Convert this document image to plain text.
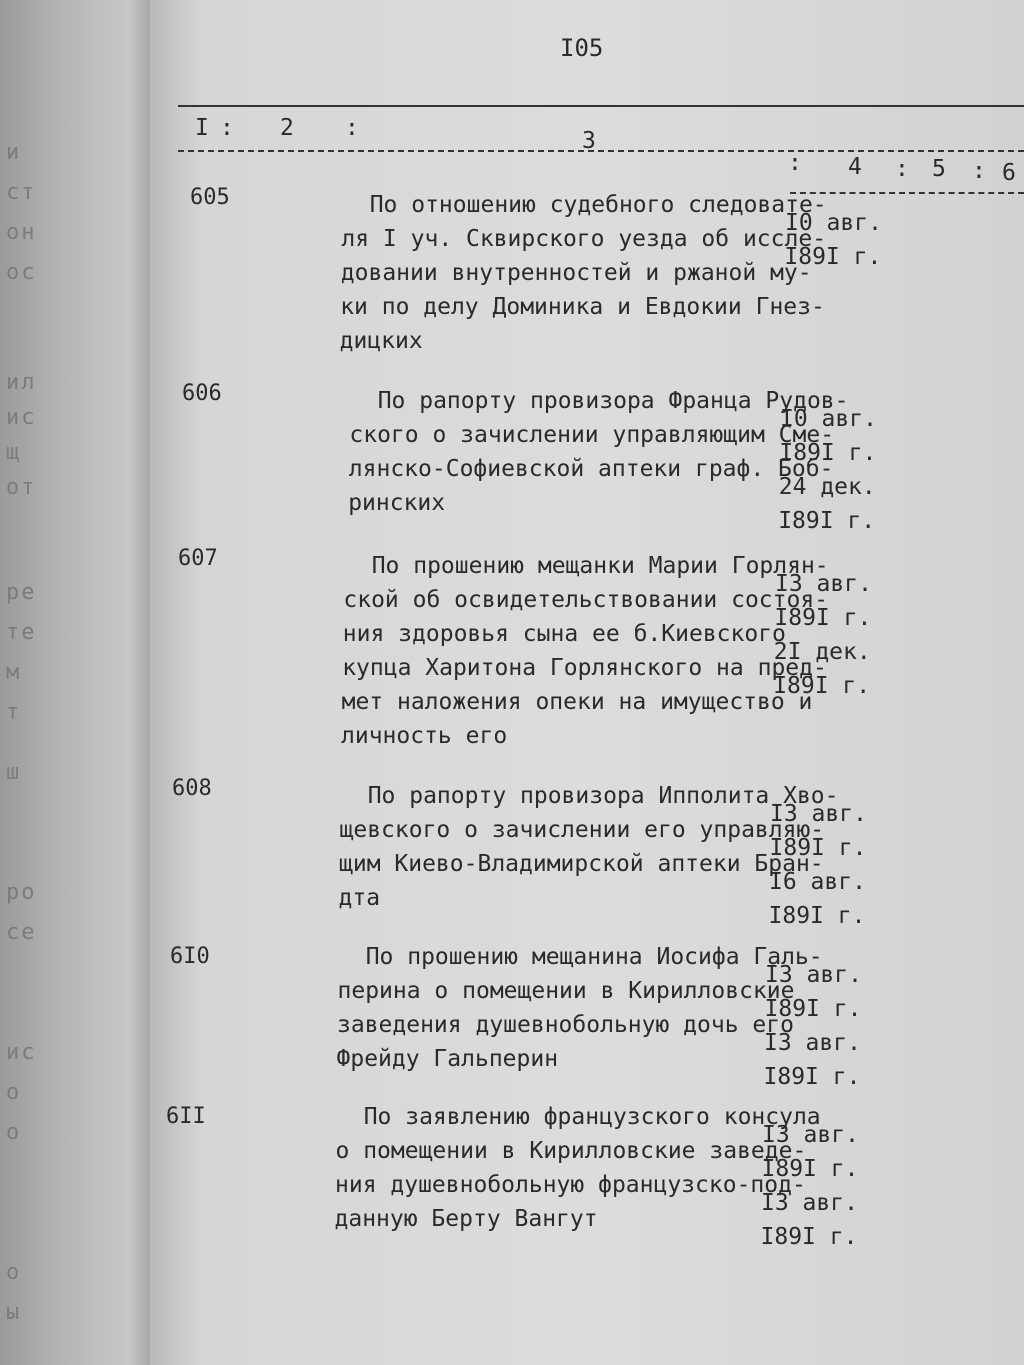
и
ст
он
ос
ил
ис
щ
от
ре
те
м
т
ш
ро
се
ис
о
о
о
ы
I05
I : 2 :	3
: 4 : 5 : 6
605	По отношению судебного следовате-
ля I уч. Сквирского уезда об иссле-
довании внутренностей и ржаной му-
ки по делу Доминика и Евдокии Гнез-
дицких
I0 авг.
I89I г.
606	По рапорту провизора Франца Рудов-
ского о зачислении управляющим Сме-
лянско-Софиевской аптеки граф. Боб-
ринских
I0 авг.
I89I г.
24 дек.
I89I г.
607	По прошению мещанки Марии Горлян-
ской об освидетельствовании состоя-
ния здоровья сына ее б.Киевского
купца Харитона Горлянского на пред-
мет наложения опеки на имущество и
личность его
I3 авг.
I89I г.
2I дек.
I89I г.
608	По рапорту провизора Ипполита Хво-
щевского о зачислении его управляю-
щим Киево-Владимирской аптеки Бран-
дта
I3 авг.
I89I г.
I6 авг.
I89I г.
6I0	По прошению мещанина Иосифа Галь-
перина о помещении в Кирилловские
заведения душевнобольную дочь его
Фрейду Гальперин
I3 авг.
I89I г.
I3 авг.
I89I г.
6II	По заявлению французского консула
о помещении в Кирилловские заведе-
ния душевнобольную французско-под-
данную Берту Вангут
I3 авг.
I89I г.
I3 авг.
I89I г.
